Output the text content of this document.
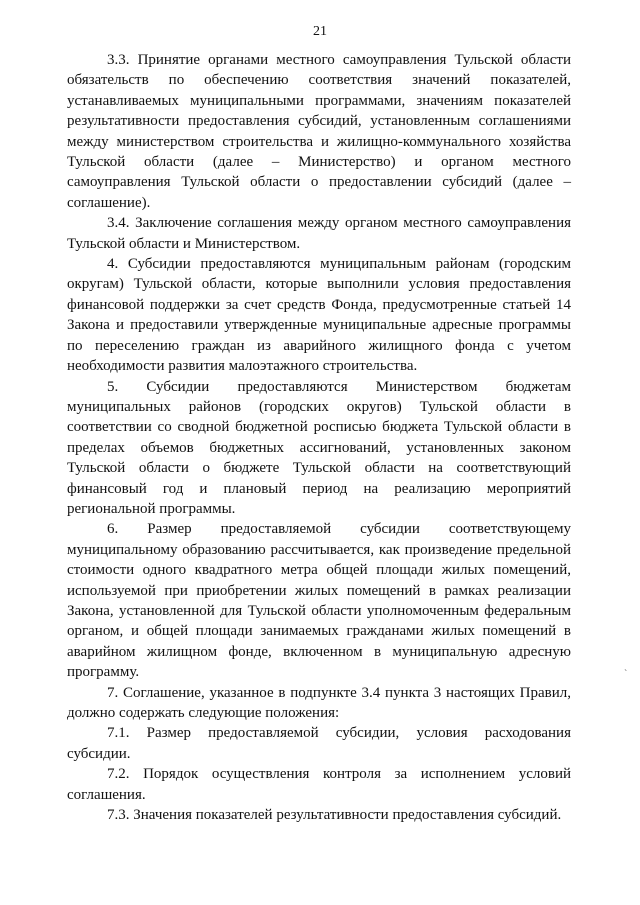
21

3.3. Принятие органами местного самоуправления Тульской области обязательств по обеспечению соответствия значений показателей, устанавливаемых муниципальными программами, значениям показателей результативности предоставления субсидий, установленным соглашениями между министерством строительства и жилищно-коммунального хозяйства Тульской области (далее – Министерство) и органом местного самоуправления Тульской области о предоставлении субсидий (далее – соглашение).

3.4. Заключение соглашения между органом местного самоуправления Тульской области и Министерством.

4. Субсидии предоставляются муниципальным районам (городским округам) Тульской области, которые выполнили условия предоставления финансовой поддержки за счет средств Фонда, предусмотренные статьей 14 Закона и предоставили утвержденные муниципальные адресные программы по переселению граждан из аварийного жилищного фонда с учетом необходимости развития малоэтажного строительства.

5. Субсидии предоставляются Министерством бюджетам муниципальных районов (городских округов) Тульской области в соответствии со сводной бюджетной росписью бюджета Тульской области в пределах объемов бюджетных ассигнований, установленных законом Тульской области о бюджете Тульской области на соответствующий финансовый год и плановый период на реализацию мероприятий региональной программы.

6. Размер предоставляемой субсидии соответствующему муниципальному образованию рассчитывается, как произведение предельной стоимости одного квадратного метра общей площади жилых помещений, используемой при приобретении жилых помещений в рамках реализации Закона, установленной для Тульской области уполномоченным федеральным органом, и общей площади занимаемых гражданами жилых помещений в аварийном жилищном фонде, включенном в муниципальную адресную программу.

7. Соглашение, указанное в подпункте 3.4 пункта 3 настоящих Правил, должно содержать следующие положения:

7.1. Размер предоставляемой субсидии, условия расходования субсидии.

7.2. Порядок осуществления контроля за исполнением условий соглашения.

7.3. Значения показателей результативности предоставления субсидий.

ˋ
